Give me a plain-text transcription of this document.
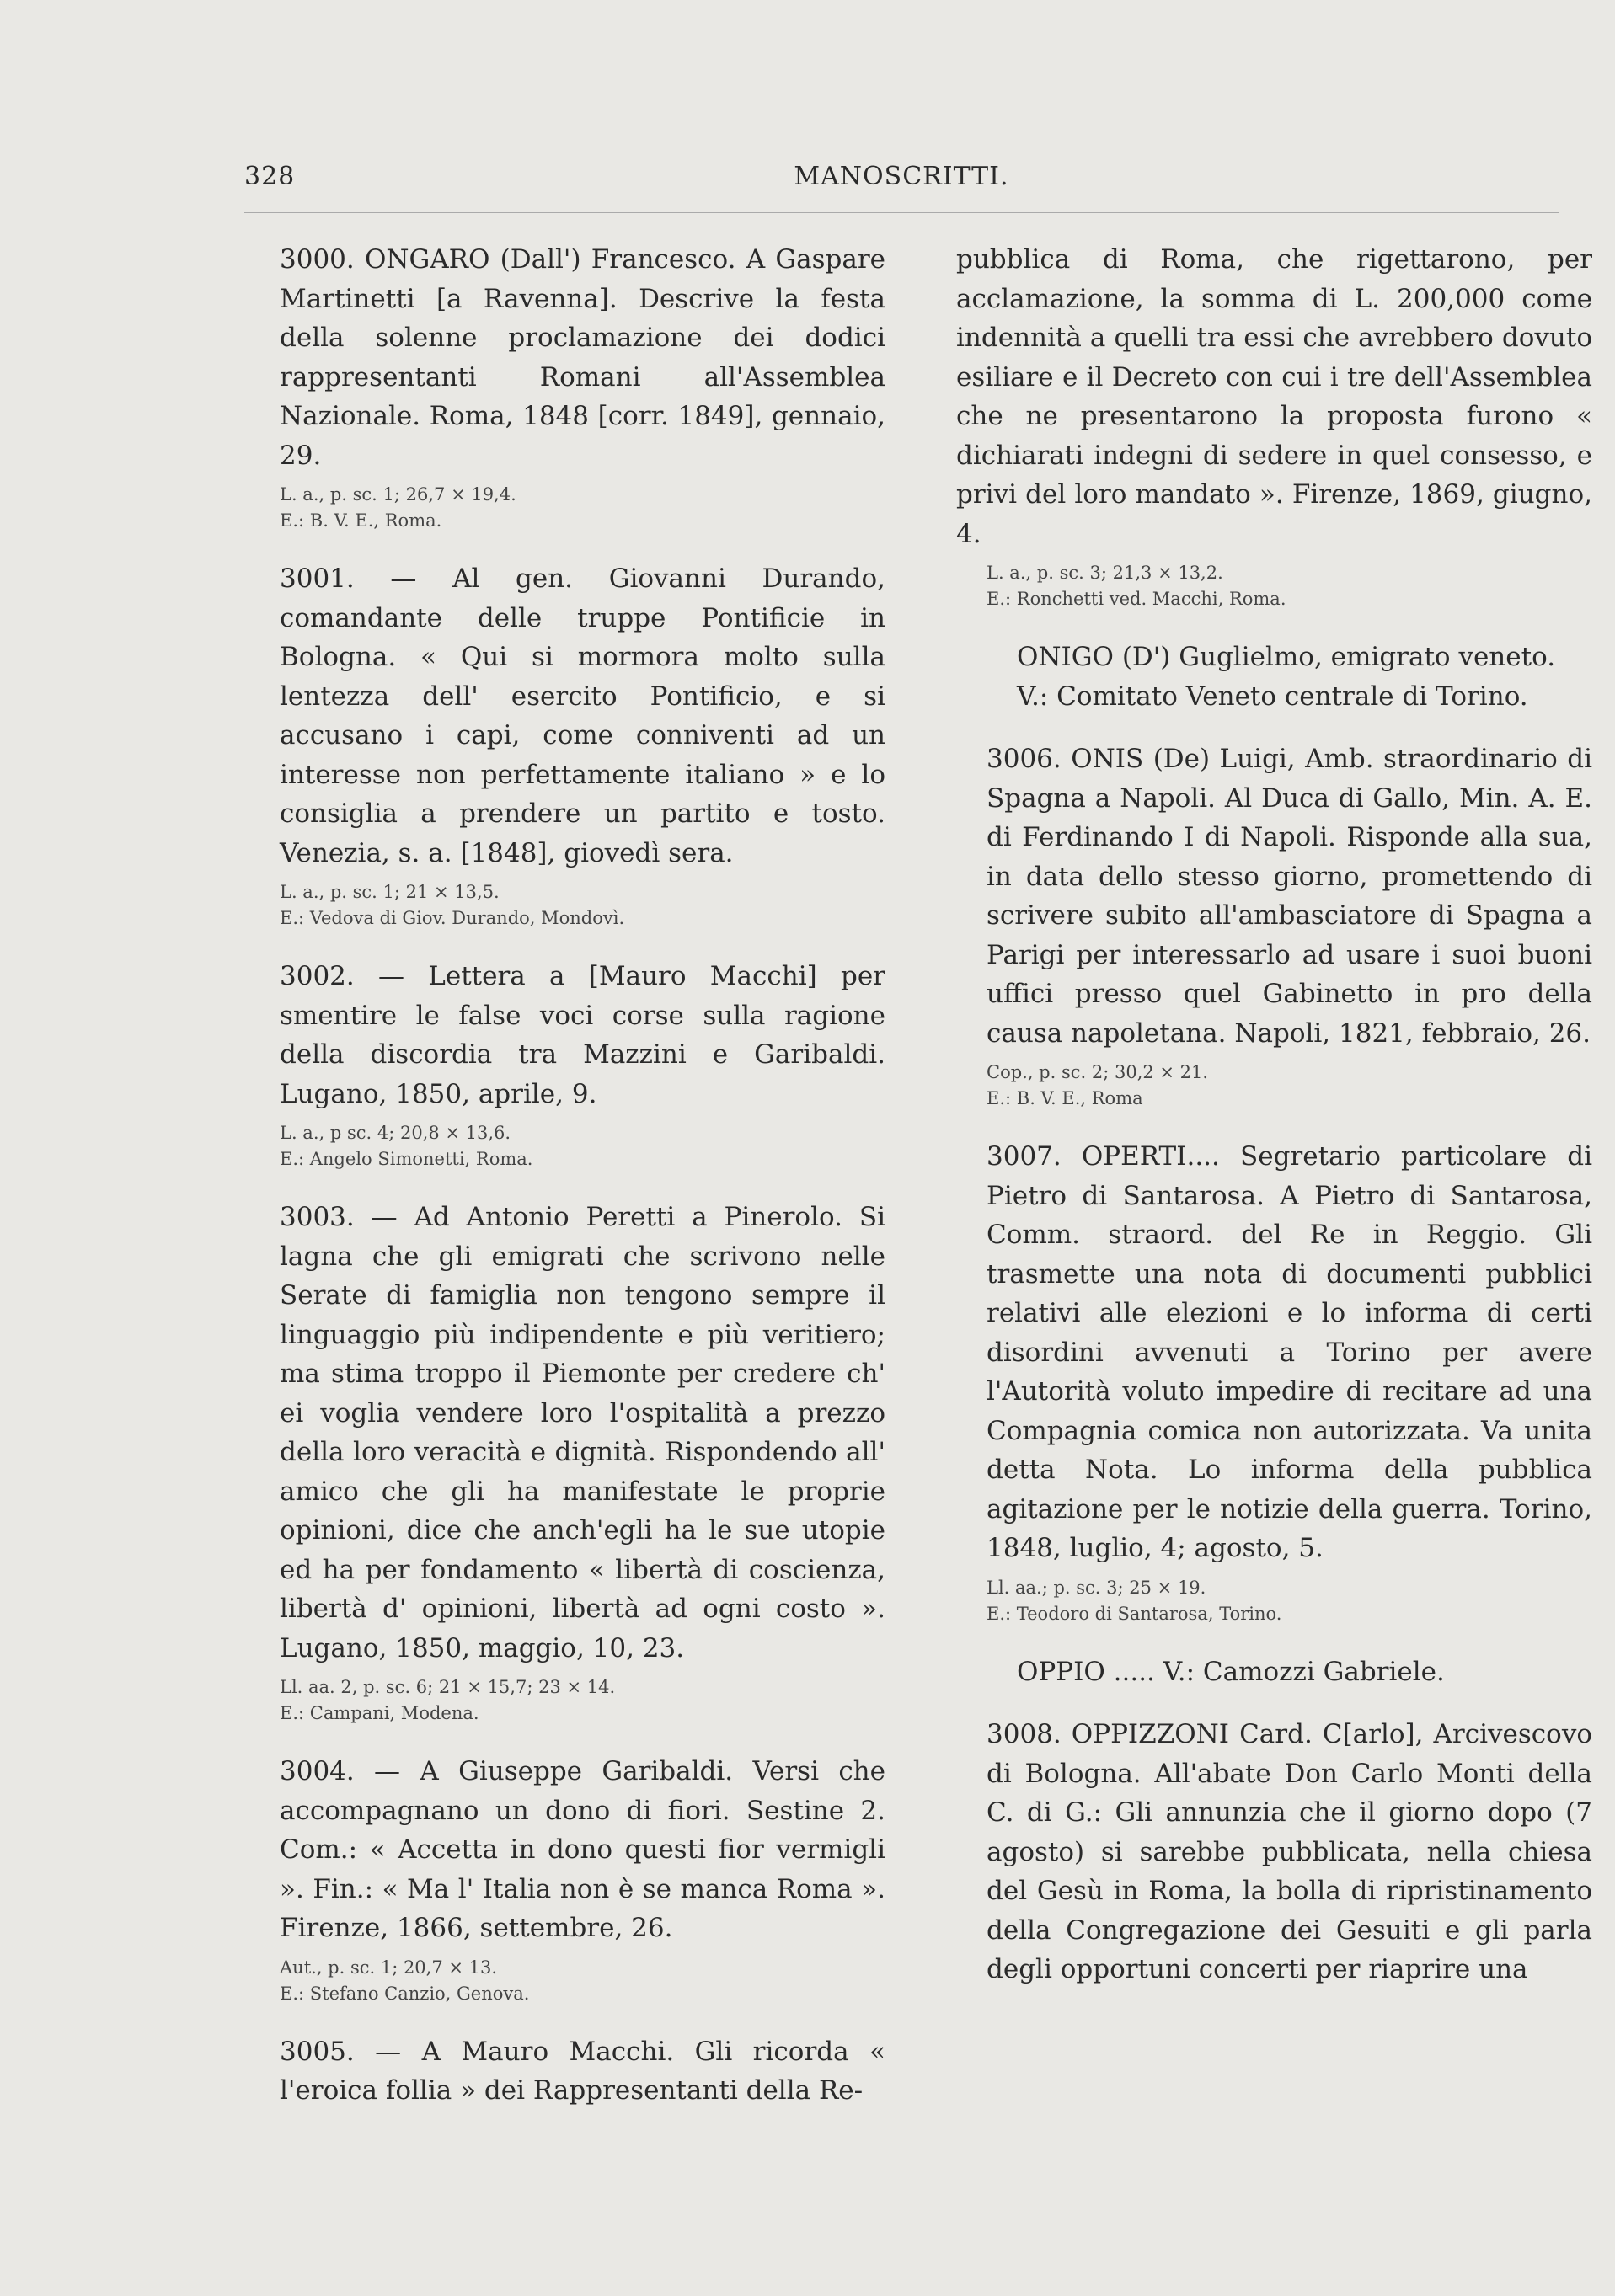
328	MANOSCRITTI.

3000. ONGARO (Dall') Francesco. A Gaspare Martinetti [a Ravenna]. Descrive la festa della solenne proclamazione dei dodici rappresentanti Romani all'Assemblea Nazionale. Roma, 1848 [corr. 1849], gennaio, 29.

L. a., p. sc. 1; 26,7 × 19,4.
E.: B. V. E., Roma.

3001. — Al gen. Giovanni Durando, comandante delle truppe Pontificie in Bologna. « Qui si mormora molto sulla lentezza dell' esercito Pontificio, e si accusano i capi, come conniventi ad un interesse non perfettamente italiano » e lo consiglia a prendere un partito e tosto. Venezia, s. a. [1848], giovedì sera.

L. a., p. sc. 1; 21 × 13,5.
E.: Vedova di Giov. Durando, Mondovì.

3002. — Lettera a [Mauro Macchi] per smentire le false voci corse sulla ragione della discordia tra Mazzini e Garibaldi. Lugano, 1850, aprile, 9.

L. a., p sc. 4; 20,8 × 13,6.
E.: Angelo Simonetti, Roma.

3003. — Ad Antonio Peretti a Pinerolo. Si lagna che gli emigrati che scrivono nelle Serate di famiglia non tengono sempre il linguaggio più indipendente e più veritiero; ma stima troppo il Piemonte per credere ch' ei voglia vendere loro l'ospitalità a prezzo della loro veracità e dignità. Rispondendo all' amico che gli ha manifestate le proprie opinioni, dice che anch'egli ha le sue utopie ed ha per fondamento « libertà di coscienza, libertà d' opinioni, libertà ad ogni costo ». Lugano, 1850, maggio, 10, 23.

Ll. aa. 2, p. sc. 6; 21 × 15,7; 23 × 14.
E.: Campani, Modena.

3004. — A Giuseppe Garibaldi. Versi che accompagnano un dono di fiori. Sestine 2. Com.: « Accetta in dono questi fior vermigli ». Fin.: « Ma l' Italia non è se manca Roma ». Firenze, 1866, settembre, 26.

Aut., p. sc. 1; 20,7 × 13.
E.: Stefano Canzio, Genova.

3005. — A Mauro Macchi. Gli ricorda « l'eroica follia » dei Rappresentanti della Re-

pubblica di Roma, che rigettarono, per acclamazione, la somma di L. 200,000 come indennità a quelli tra essi che avrebbero dovuto esiliare e il Decreto con cui i tre dell'Assemblea che ne presentarono la proposta furono « dichiarati indegni di sedere in quel consesso, e privi del loro mandato ». Firenze, 1869, giugno, 4.

L. a., p. sc. 3; 21,3 × 13,2.
E.: Ronchetti ved. Macchi, Roma.
ONIGO (D') Guglielmo, emigrato veneto. V.: Comitato Veneto centrale di Torino.

3006. ONIS (De) Luigi, Amb. straordinario di Spagna a Napoli. Al Duca di Gallo, Min. A. E. di Ferdinando I di Napoli. Risponde alla sua, in data dello stesso giorno, promettendo di scrivere subito all'ambasciatore di Spagna a Parigi per interessarlo ad usare i suoi buoni uffici presso quel Gabinetto in pro della causa napoletana. Napoli, 1821, febbraio, 26.

Cop., p. sc. 2; 30,2 × 21.
E.: B. V. E., Roma

3007. OPERTI.... Segretario particolare di Pietro di Santarosa. A Pietro di Santarosa, Comm. straord. del Re in Reggio. Gli trasmette una nota di documenti pubblici relativi alle elezioni e lo informa di certi disordini avvenuti a Torino per avere l'Autorità voluto impedire di recitare ad una Compagnia comica non autorizzata. Va unita detta Nota. Lo informa della pubblica agitazione per le notizie della guerra. Torino, 1848, luglio, 4; agosto, 5.

Ll. aa.; p. sc. 3; 25 × 19.
E.: Teodoro di Santarosa, Torino.
OPPIO ..... V.: Camozzi Gabriele.

3008. OPPIZZONI Card. C[arlo], Arcivescovo di Bologna. All'abate Don Carlo Monti della C. di G.: Gli annunzia che il giorno dopo (7 agosto) si sarebbe pubblicata, nella chiesa del Gesù in Roma, la bolla di ripristinamento della Congregazione dei Gesuiti e gli parla degli opportuni concerti per riaprire una
